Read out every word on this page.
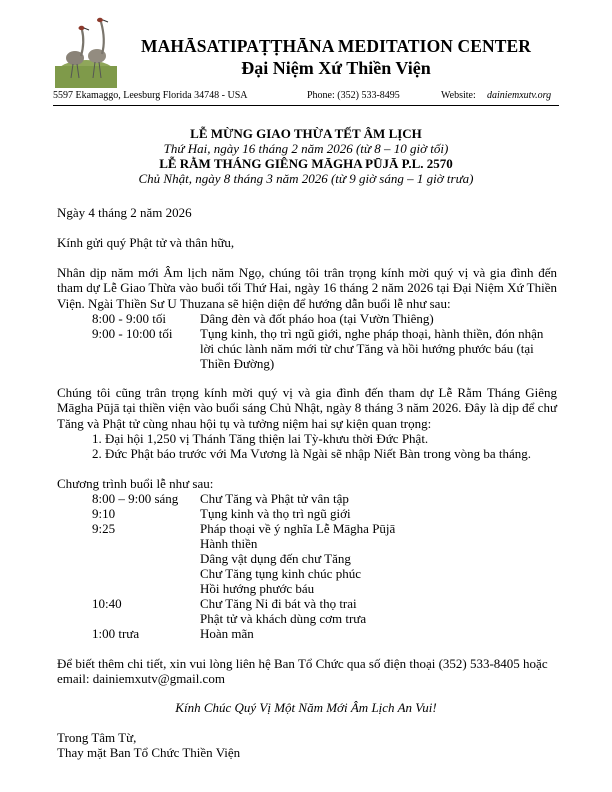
MAHĀSATIPAṬṬHĀNA MEDITATION CENTER
Đại Niệm Xứ Thiền Viện
5597 Ekamaggo, Leesburg Florida 34748 - USA	Phone: (352) 533-8495	Website: dainiemxutv.org
LỄ MỪNG GIAO THỪA TẾT ÂM LỊCH
Thứ Hai, ngày 16 tháng 2 năm 2026 (từ 8 – 10 giờ tối)
LỄ RẰM THÁNG GIÊNG MĀGHA PŪJĀ P.L. 2570
Chủ Nhật, ngày 8 tháng 3 năm 2026 (từ 9 giờ sáng – 1 giờ trưa)
Ngày 4 tháng 2 năm 2026
Kính gửi quý Phật tử và thân hữu,
Nhân dịp năm mới Âm lịch năm Ngọ, chúng tôi trân trọng kính mời quý vị và gia đình đến tham dự Lễ Giao Thừa vào buổi tối Thứ Hai, ngày 16 tháng 2 năm 2026 tại Đại Niệm Xứ Thiền Viện. Ngài Thiền Sư U Thuzana sẽ hiện diện để hướng dẫn buổi lễ như sau:
8:00 - 9:00 tối	Dâng đèn và đốt pháo hoa (tại Vườn Thiêng)
9:00 - 10:00 tối Tụng kinh, thọ trì ngũ giới, nghe pháp thoại, hành thiền, đón nhận
lời chúc lành năm mới từ chư Tăng và hồi hướng phước báu (tại
Thiền Đường)
Chúng tôi cũng trân trọng kính mời quý vị và gia đình đến tham dự Lễ Rằm Tháng Giêng Māgha Pūjā tại thiền viện vào buổi sáng Chủ Nhật, ngày 8 tháng 3 năm 2026. Đây là dịp để chư Tăng và Phật tử cùng nhau hội tụ và tưởng niệm hai sự kiện quan trọng:
1. Đại hội 1,250 vị Thánh Tăng thiện lai Tỳ-khưu thời Đức Phật.
2. Đức Phật báo trước với Ma Vương là Ngài sẽ nhập Niết Bàn trong vòng ba tháng.
Chương trình buổi lễ như sau:
8:00 – 9:00 sáng Chư Tăng và Phật tử vân tập
9:10	Tụng kinh và thọ trì ngũ giới
9:25	Pháp thoại về ý nghĩa Lễ Māgha Pūjā
Hành thiền
Dâng vật dụng đến chư Tăng
Chư Tăng tụng kinh chúc phúc
Hồi hướng phước báu
10:40	Chư Tăng Ni đi bát và thọ trai
Phật tử và khách dùng cơm trưa
1:00 trưa	Hoàn mãn
Để biết thêm chi tiết, xin vui lòng liên hệ Ban Tổ Chức qua số điện thoại (352) 533-8405 hoặc
email: dainiemxutv@gmail.com
Kính Chúc Quý Vị Một Năm Mới Âm Lịch An Vui!
Trong Tâm Từ,
Thay mặt Ban Tổ Chức Thiền Viện
